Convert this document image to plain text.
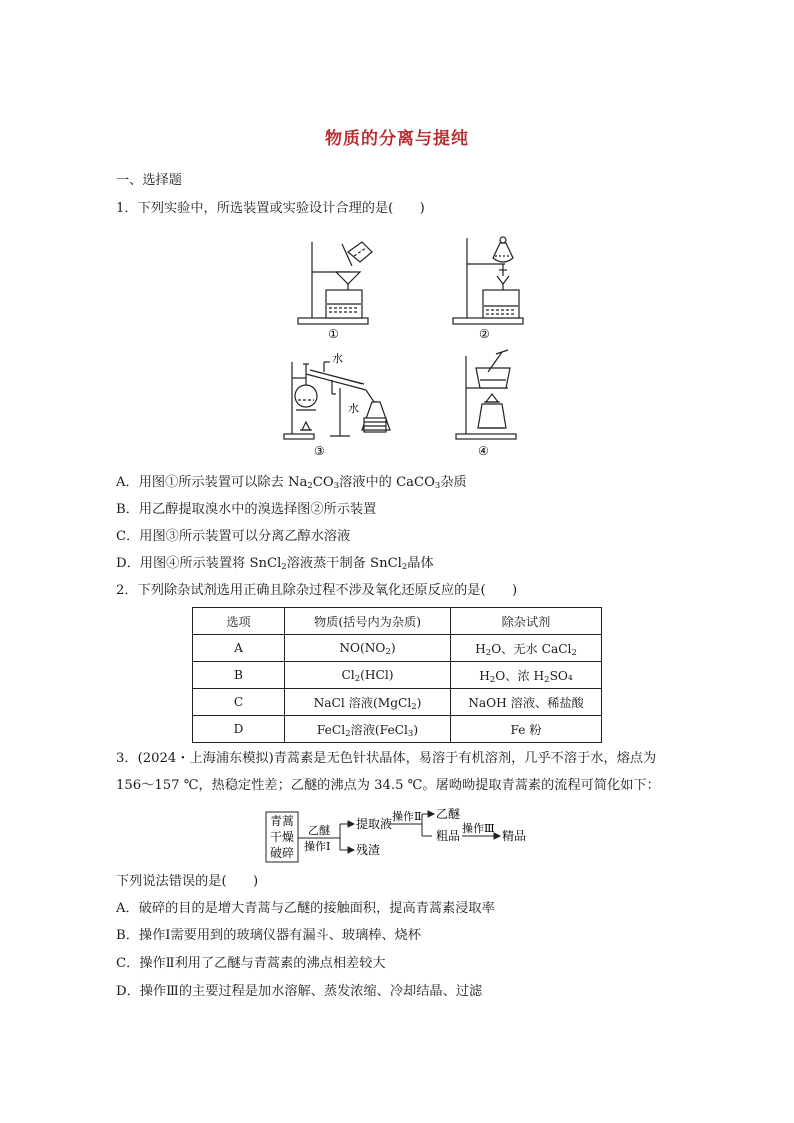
物质的分离与提纯
一、选择题
1．下列实验中，所选装置或实验设计合理的是(　　)
①	②
水
水
③	④
A．用图①所示装置可以除去 $Na_2CO_3$溶液中的 CaCO$_3$杂质
B．用乙醇提取溴水中的溴选择图②所示装置
C．用图③所示装置可以分离乙醇水溶液
D．用图④所示装置将 SnCl$_2$溶液蒸干制备 SnCl$_2$晶体
2．下列除杂试剂选用正确且除杂过程不涉及氧化还原反应的是(　　)
选项	物质(括号内为杂质)	除杂试剂
A	$NO(NO_2)$	$H_2O$、无水 CaCl$_2$
B	$Cl_2(HCl)$	$H_2O$、浓 $H_2SO_4$
C	NaCl 溶液(MgCl$_2$)	NaOH 溶液、稀盐酸
D	FeCl$_2$溶液(FeCl$_3$)	Fe 粉
3．(2024・上海浦东模拟)青蒿素是无色针状晶体，易溶于有机溶剂，几乎不溶于水，熔点为
156～157 ℃，热稳定性差；乙醚的沸点为 34.5 ℃。屠呦呦提取青蒿素的流程可简化如下：
青蒿
干燥
破碎
乙醚
操作Ⅰ
提取液
残渣
操作Ⅱ 乙醚
粗品
操作Ⅲ
精品
下列说法错误的是(　　)
A．破碎的目的是增大青蒿与乙醚的接触面积，提高青蒿素浸取率
B．操作Ⅰ需要用到的玻璃仪器有漏斗、玻璃棒、烧杯
C．操作Ⅱ利用了乙醚与青蒿素的沸点相差较大
D．操作Ⅲ的主要过程是加水溶解、蒸发浓缩、冷却结晶、过滤
